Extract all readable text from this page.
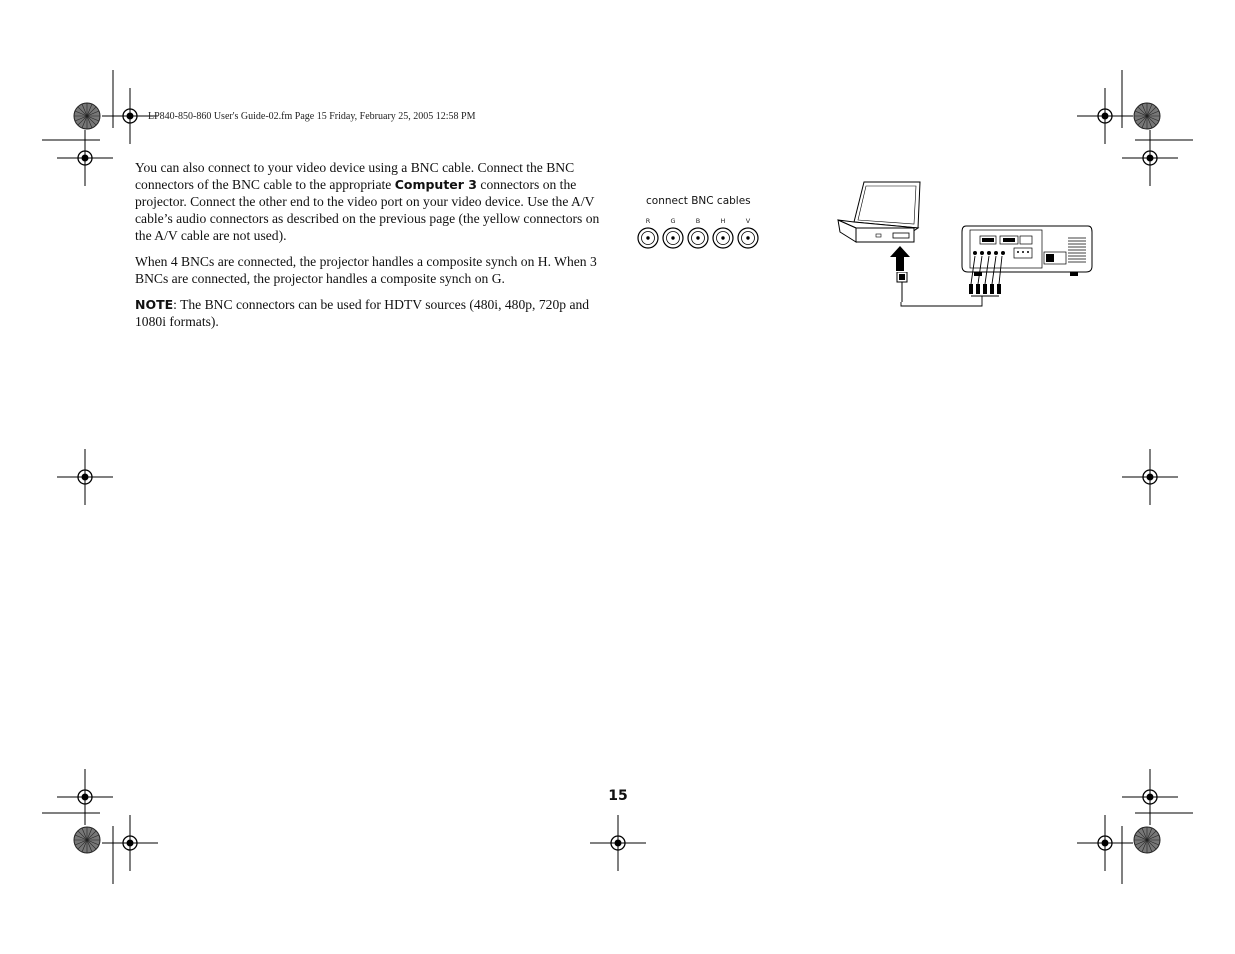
LP840-850-860 User's Guide-02.fm Page 15 Friday, February 25, 2005 12:58 PM

You can also connect to your video device using a BNC cable. Connect the BNC connectors of the BNC cable to the appropriate Computer 3 connectors on the projector. Connect the other end to the video port on your video device. Use the A/V cable’s audio connectors as described on the previous page (the yellow connectors on the A/V cable are not used).

When 4 BNCs are connected, the projector handles a composite synch on H. When 3 BNCs are connected, the projector handles a composite synch on G.

NOTE: The BNC connectors can be used for HDTV sources (480i, 480p, 720p and 1080i formats).

connect BNC cables
R	G	B	H	V
15
